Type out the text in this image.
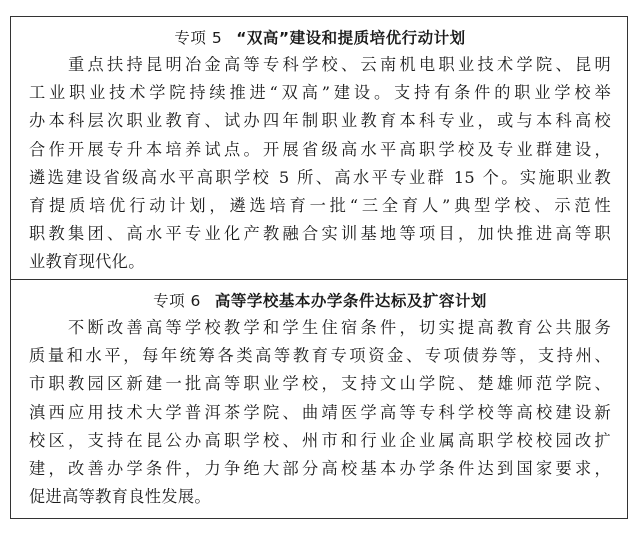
专项 5 “双高”建设和提质培优行动计划
　　重点扶持昆明冶金高等专科学校、云南机电职业技术学院、昆明
工业职业技术学院持续推进“双高”建设。支持有条件的职业学校举
办本科层次职业教育、试办四年制职业教育本科专业，或与本科高校
合作开展专升本培养试点。开展省级高水平高职学校及专业群建设，
遴选建设省级高水平高职学校 5 所、高水平专业群 15 个。实施职业教
育提质培优行动计划，遴选培育一批“三全育人”典型学校、示范性
职教集团、高水平专业化产教融合实训基地等项目，加快推进高等职
业教育现代化。
专项 6 高等学校基本办学条件达标及扩容计划
　　不断改善高等学校教学和学生住宿条件，切实提高教育公共服务
质量和水平，每年统筹各类高等教育专项资金、专项债券等，支持州、
市职教园区新建一批高等职业学校，支持文山学院、楚雄师范学院、
滇西应用技术大学普洱茶学院、曲靖医学高等专科学校等高校建设新
校区，支持在昆公办高职学校、州市和行业企业属高职学校校园改扩
建，改善办学条件，力争绝大部分高校基本办学条件达到国家要求，
促进高等教育良性发展。
